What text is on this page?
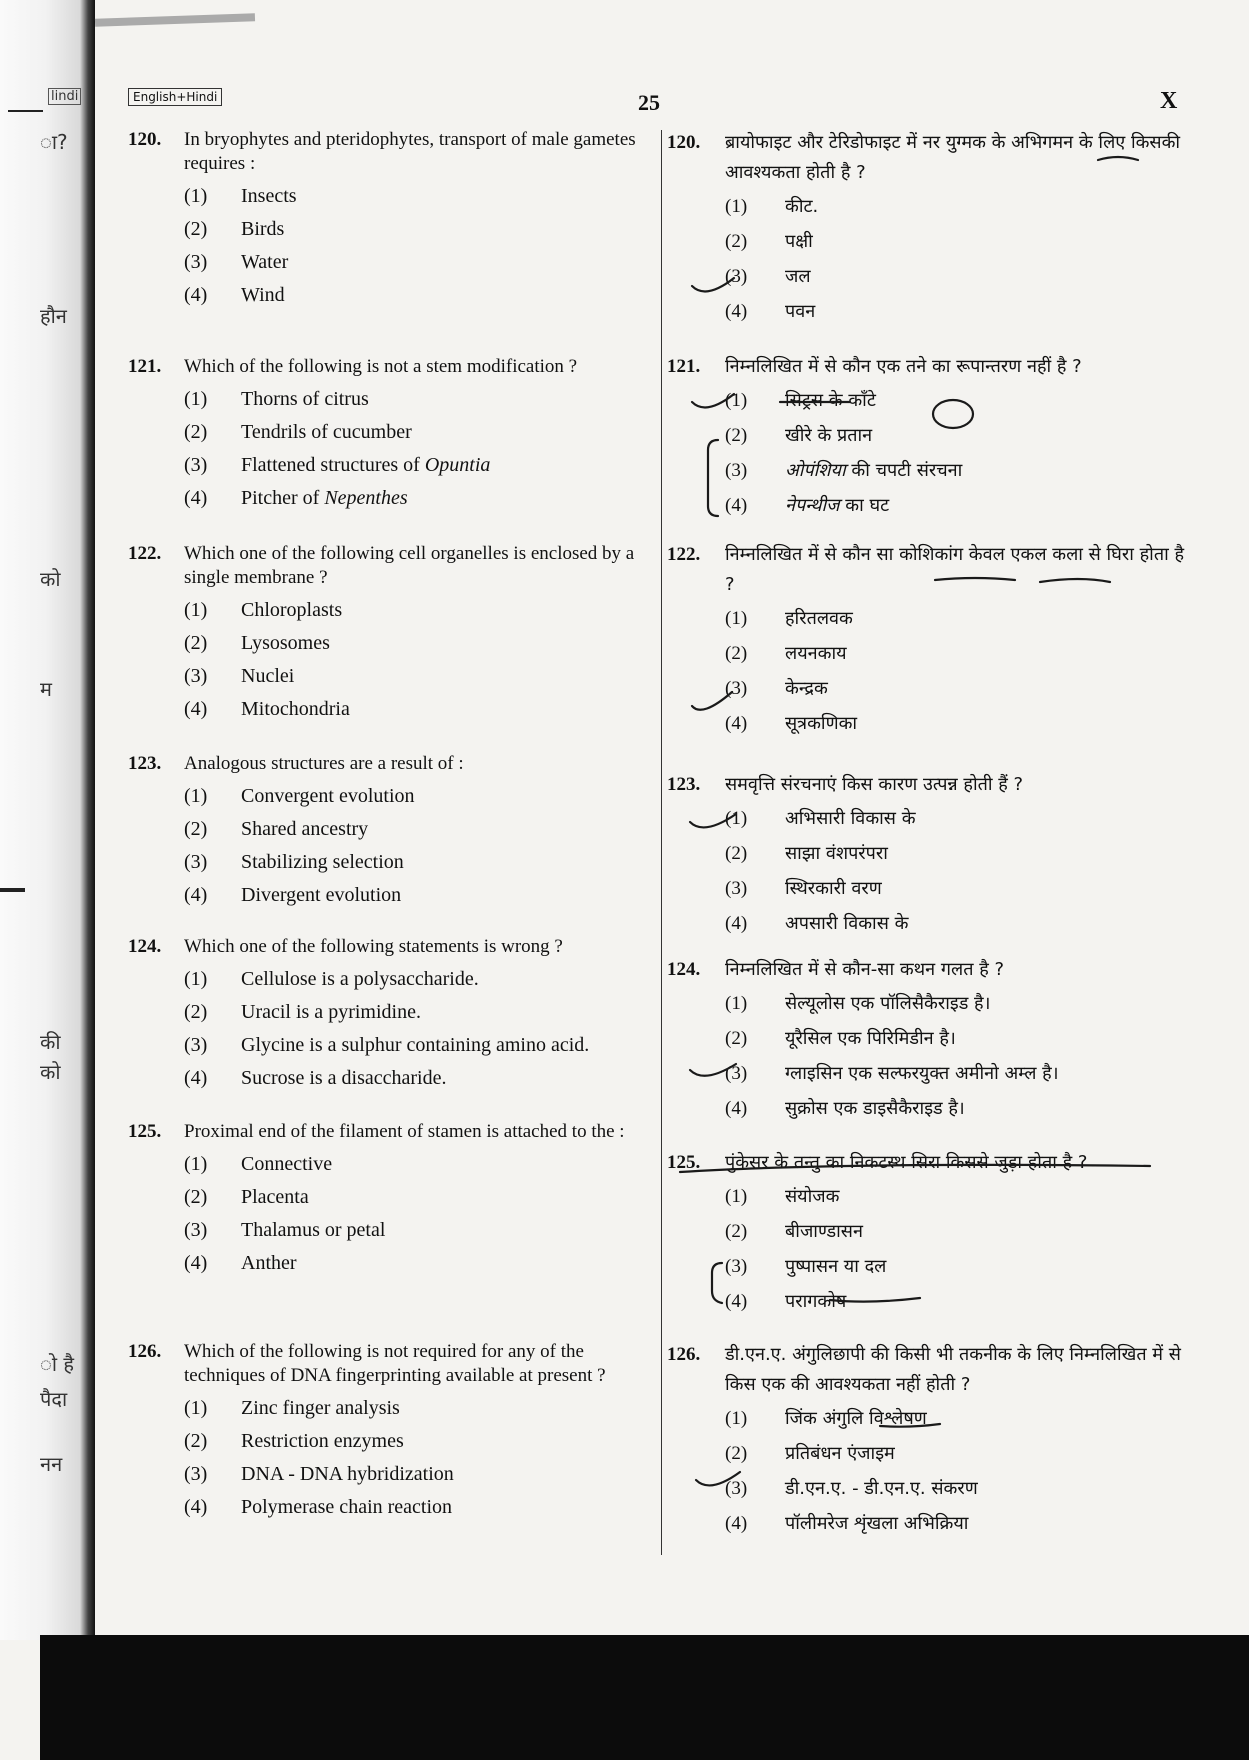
lindi
ा?
हौन
को
म
की
को
ो है
पैदा
नन
English+Hindi	25	X
120.	In bryophytes and pteridophytes, transport of male gametes requires :
(1)	Insects
(2)	Birds
(3)	Water
(4)	Wind
121.	Which of the following is not a stem modification ?
(1)	Thorns of citrus
(2)	Tendrils of cucumber
(3)	Flattened structures of Opuntia
(4)	Pitcher of Nepenthes
122.	Which one of the following cell organelles is enclosed by a single membrane ?
(1)	Chloroplasts
(2)	Lysosomes
(3)	Nuclei
(4)	Mitochondria
123.	Analogous structures are a result of :
(1)	Convergent evolution
(2)	Shared ancestry
(3)	Stabilizing selection
(4)	Divergent evolution
124.	Which one of the following statements is wrong ?
(1)	Cellulose is a polysaccharide.
(2)	Uracil is a pyrimidine.
(3)	Glycine is a sulphur containing amino acid.
(4)	Sucrose is a disaccharide.
125.	Proximal end of the filament of stamen is attached to the :
(1)	Connective
(2)	Placenta
(3)	Thalamus or petal
(4)	Anther
126.	Which of the following is not required for any of the techniques of DNA fingerprinting available at present ?
(1)	Zinc finger analysis
(2)	Restriction enzymes
(3)	DNA - DNA hybridization
(4)	Polymerase chain reaction
120.	ब्रायोफाइट और टेरिडोफाइट में नर युग्मक के अभिगमन के लिए किसकी आवश्यकता होती है ?
(1)	कीट.
(2)	पक्षी
(3)	जल
(4)	पवन
121.	निम्नलिखित में से कौन एक तने का रूपान्तरण नहीं है ?
(1)	सिट्रस के काँटे
(2)	खीरे के प्रतान
(3)	ओपंशिया की चपटी संरचना
(4)	नेपन्थीज का घट
122.	निम्नलिखित में से कौन सा कोशिकांग केवल एकल कला से घिरा होता है ?
(1)	हरितलवक
(2)	लयनकाय
(3)	केन्द्रक
(4)	सूत्रकणिका
123.	समवृत्ति संरचनाएं किस कारण उत्पन्न होती हैं ?
(1)	अभिसारी विकास के
(2)	साझा वंशपरंपरा
(3)	स्थिरकारी वरण
(4)	अपसारी विकास के
124.	निम्नलिखित में से कौन-सा कथन गलत है ?
(1)	सेल्यूलोस एक पॉलिसैकैराइड है।
(2)	यूरैसिल एक पिरिमिडीन है।
(3)	ग्लाइसिन एक सल्फरयुक्त अमीनो अम्ल है।
(4)	सुक्रोस एक डाइसैकैराइड है।
125.	पुंकेसर के तन्तु का निकटस्थ सिरा किससे जुड़ा होता है ?
(1)	संयोजक
(2)	बीजाण्डासन
(3)	पुष्पासन या दल
(4)	परागकोष
126.	डी.एन.ए. अंगुलिछापी की किसी भी तकनीक के लिए निम्नलिखित में से किस एक की आवश्यकता नहीं होती ?
(1)	जिंक अंगुलि विश्लेषण
(2)	प्रतिबंधन एंजाइम
(3)	डी.एन.ए. - डी.एन.ए. संकरण
(4)	पॉलीमरेज शृंखला अभिक्रिया
